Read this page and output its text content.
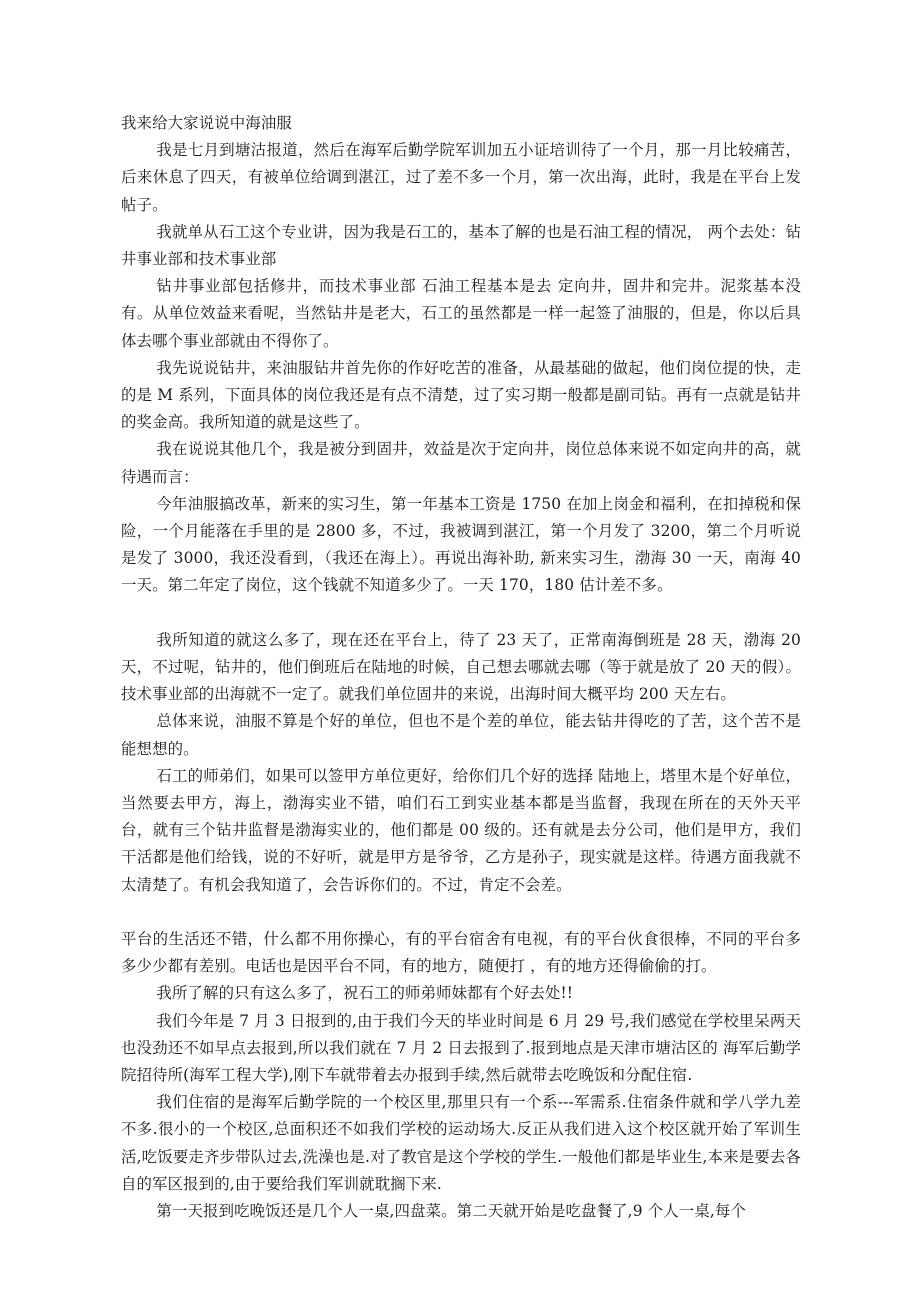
我来给大家说说中海油服

我是七月到塘沽报道，然后在海军后勤学院军训加五小证培训待了一个月，那一月比较痛苦，后来休息了四天，有被单位给调到湛江，过了差不多一个月，第一次出海，此时，我是在平台上发帖子。

我就单从石工这个专业讲，因为我是石工的，基本了解的也是石油工程的情况， 两个去处：钻井事业部和技术事业部

钻井事业部包括修井，而技术事业部 石油工程基本是去 定向井，固井和完井。泥浆基本没有。从单位效益来看呢，当然钻井是老大，石工的虽然都是一样一起签了油服的，但是，你以后具体去哪个事业部就由不得你了。

我先说说钻井，来油服钻井首先你的作好吃苦的准备，从最基础的做起，他们岗位提的快，走的是 M 系列，下面具体的岗位我还是有点不清楚，过了实习期一般都是副司钻。再有一点就是钻井的奖金高。我所知道的就是这些了。

我在说说其他几个，我是被分到固井，效益是次于定向井，岗位总体来说不如定向井的高，就待遇而言：

今年油服搞改革，新来的实习生，第一年基本工资是 1750 在加上岗金和福利，在扣掉税和保险，一个月能落在手里的是 2800 多，不过，我被调到湛江，第一个月发了 3200，第二个月听说是发了 3000，我还没看到，（我还在海上）。再说出海补助, 新来实习生，渤海 30 一天，南海 40 一天。第二年定了岗位，这个钱就不知道多少了。一天 170，180 估计差不多。

我所知道的就这么多了，现在还在平台上，待了 23 天了，正常南海倒班是 28 天，渤海 20 天，不过呢，钻井的，他们倒班后在陆地的时候，自己想去哪就去哪（等于就是放了 20 天的假）。技术事业部的出海就不一定了。就我们单位固井的来说，出海时间大概平均 200 天左右。

总体来说，油服不算是个好的单位，但也不是个差的单位，能去钻井得吃的了苦，这个苦不是能想想的。

石工的师弟们，如果可以签甲方单位更好，给你们几个好的选择 陆地上，塔里木是个好单位，当然要去甲方，海上，渤海实业不错，咱们石工到实业基本都是当监督，我现在所在的天外天平台，就有三个钻井监督是渤海实业的，他们都是 00 级的。还有就是去分公司，他们是甲方，我们干活都是他们给钱，说的不好听，就是甲方是爷爷，乙方是孙子，现实就是这样。待遇方面我就不太清楚了。有机会我知道了，会告诉你们的。不过，肯定不会差。

平台的生活还不错，什么都不用你操心，有的平台宿舍有电视，有的平台伙食很棒，不同的平台多多少少都有差别。电话也是因平台不同，有的地方，随便打 ，有的地方还得偷偷的打。

我所了解的只有这么多了，祝石工的师弟师妹都有个好去处!!

我们今年是 7 月 3 日报到的,由于我们今天的毕业时间是 6 月 29 号,我们感觉在学校里呆两天也没劲还不如早点去报到,所以我们就在 7 月 2 日去报到了.报到地点是天津市塘沽区的 海军后勤学院招待所(海军工程大学),刚下车就带着去办报到手续,然后就带去吃晚饭和分配住宿.

我们住宿的是海军后勤学院的一个校区里,那里只有一个系---军需系.住宿条件就和学八学九差不多.很小的一个校区,总面积还不如我们学校的运动场大.反正从我们进入这个校区就开始了军训生活,吃饭要走齐步带队过去,洗澡也是.对了教官是这个学校的学生.一般他们都是毕业生,本来是要去各自的军区报到的,由于要给我们军训就耽搁下来.

第一天报到吃晚饭还是几个人一桌,四盘菜。第二天就开始是吃盘餐了,9 个人一桌,每个
